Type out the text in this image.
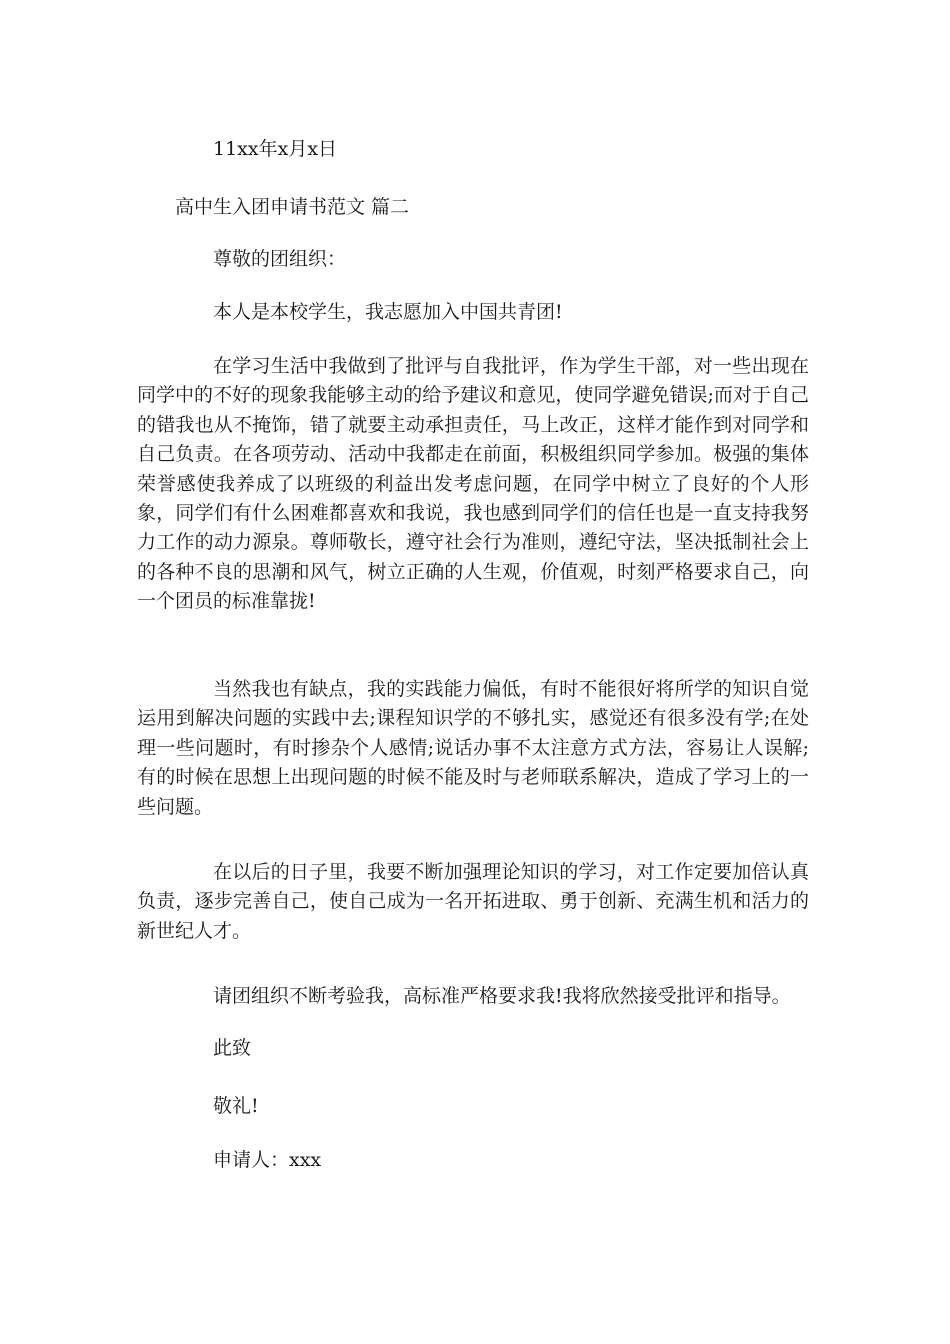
11xx年x月x日
高中生入团申请书范文 篇二
尊敬的团组织：
本人是本校学生，我志愿加入中国共青团!
在学习生活中我做到了批评与自我批评，作为学生干部，对一些出现在同学中的不好的现象我能够主动的给予建议和意见，使同学避免错误;而对于自己的错我也从不掩饰，错了就要主动承担责任，马上改正，这样才能作到对同学和自己负责。在各项劳动、活动中我都走在前面，积极组织同学参加。极强的集体荣誉感使我养成了以班级的利益出发考虑问题，在同学中树立了良好的个人形象，同学们有什么困难都喜欢和我说，我也感到同学们的信任也是一直支持我努力工作的动力源泉。尊师敬长，遵守社会行为准则，遵纪守法，坚决抵制社会上的各种不良的思潮和风气，树立正确的人生观，价值观，时刻严格要求自己，向一个团员的标准靠拢!
当然我也有缺点，我的实践能力偏低，有时不能很好将所学的知识自觉运用到解决问题的实践中去;课程知识学的不够扎实，感觉还有很多没有学;在处理一些问题时，有时掺杂个人感情;说话办事不太注意方式方法，容易让人误解;有的时候在思想上出现问题的时候不能及时与老师联系解决，造成了学习上的一些问题。
在以后的日子里，我要不断加强理论知识的学习，对工作定要加倍认真负责，逐步完善自己，使自己成为一名开拓进取、勇于创新、充满生机和活力的新世纪人才。
请团组织不断考验我，高标准严格要求我!我将欣然接受批评和指导。
此致
敬礼!
申请人：xxx
